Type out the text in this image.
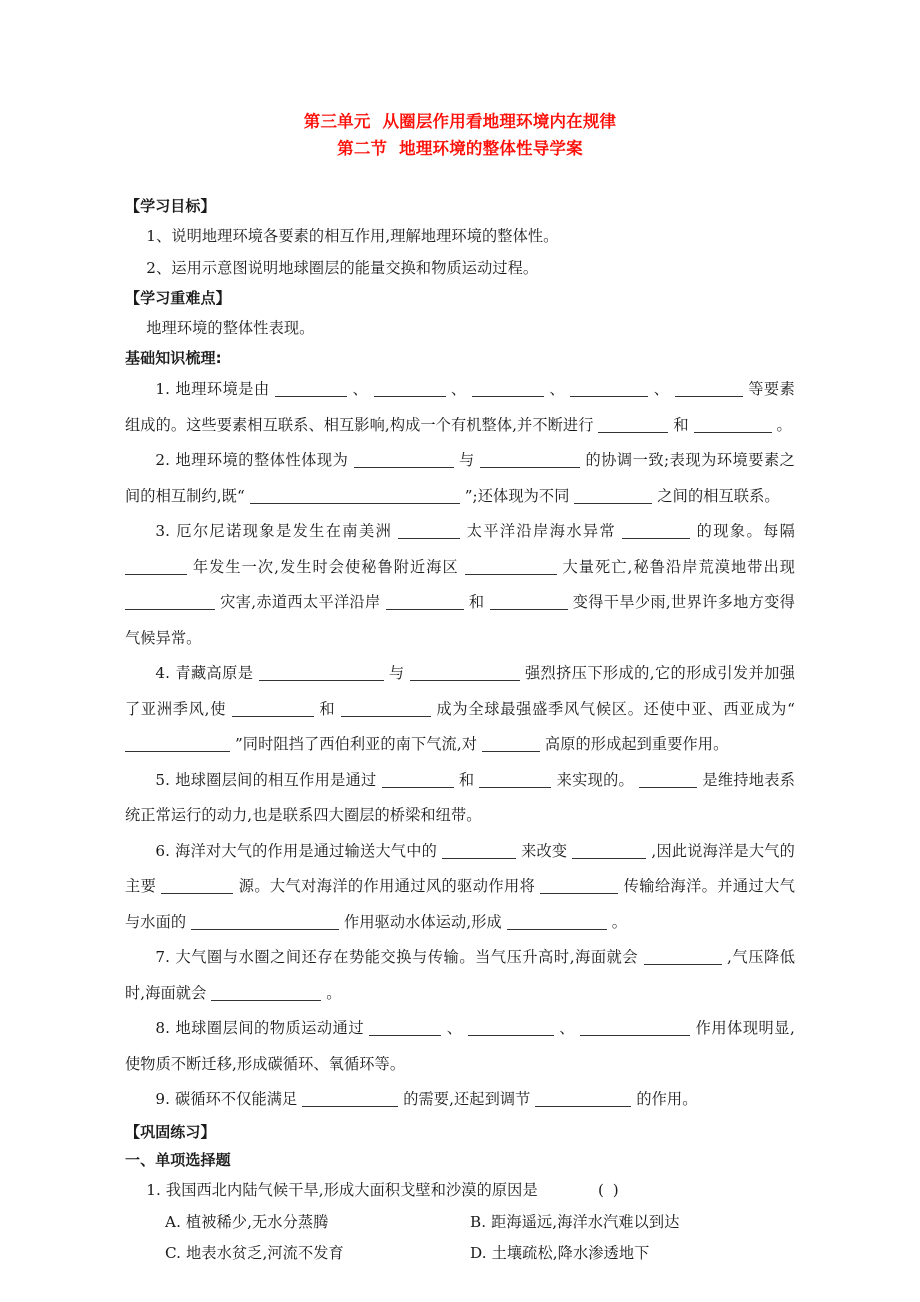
第三单元  从圈层作用看地理环境内在规律
第二节  地理环境的整体性导学案
【学习目标】
1、说明地理环境各要素的相互作用,理解地理环境的整体性。
2、运用示意图说明地球圈层的能量交换和物质运动过程。
【学习重难点】
地理环境的整体性表现。
基础知识梳理:
1. 地理环境是由	、	、	、	、	等要素组成的。这些要素相互联系、相互影响,构成一个有机整体,并不断进行	和	。
2. 地理环境的整体性体现为	与	的协调一致;表现为环境要素之间的相互制约,既“	”;还体现为不同	之间的相互联系。
3. 厄尔尼诺现象是发生在南美洲	太平洋沿岸海水异常	的现象。每隔  年发生一次,发生时会使秘鲁附近海区	大量死亡,秘鲁沿岸荒漠地带出现  灾害,赤道西太平洋沿岸	和	变得干旱少雨,世界许多地方变得气候异常。
4. 青藏高原是	与	强烈挤压下形成的,它的形成引发并加强了亚洲季风,使	和	成为全球最强盛季风气候区。还使中亚、西亚成为“  ”同时阻挡了西伯利亚的南下气流,对	高原的形成起到重要作用。
5. 地球圈层间的相互作用是通过	和	来实现的。	是维持地表系统正常运行的动力,也是联系四大圈层的桥梁和纽带。
6. 海洋对大气的作用是通过输送大气中的	来改变	,因此说海洋是大气的主要	源。大气对海洋的作用通过风的驱动作用将	传输给海洋。并通过大气与水面的	作用驱动水体运动,形成	。
7. 大气圈与水圈之间还存在势能交换与传输。当气压升高时,海面就会	,气压降低时,海面就会	。
8. 地球圈层间的物质运动通过	、	、	作用体现明显,使物质不断迁移,形成碳循环、氧循环等。
9. 碳循环不仅能满足	的需要,还起到调节	的作用。
【巩固练习】
一、单项选择题
1. 我国西北内陆气候干旱,形成大面积戈壁和沙漠的原因是	( )
A. 植被稀少,无水分蒸腾	B. 距海遥远,海洋水汽难以到达
C. 地表水贫乏,河流不发育	D. 土壤疏松,降水渗透地下
